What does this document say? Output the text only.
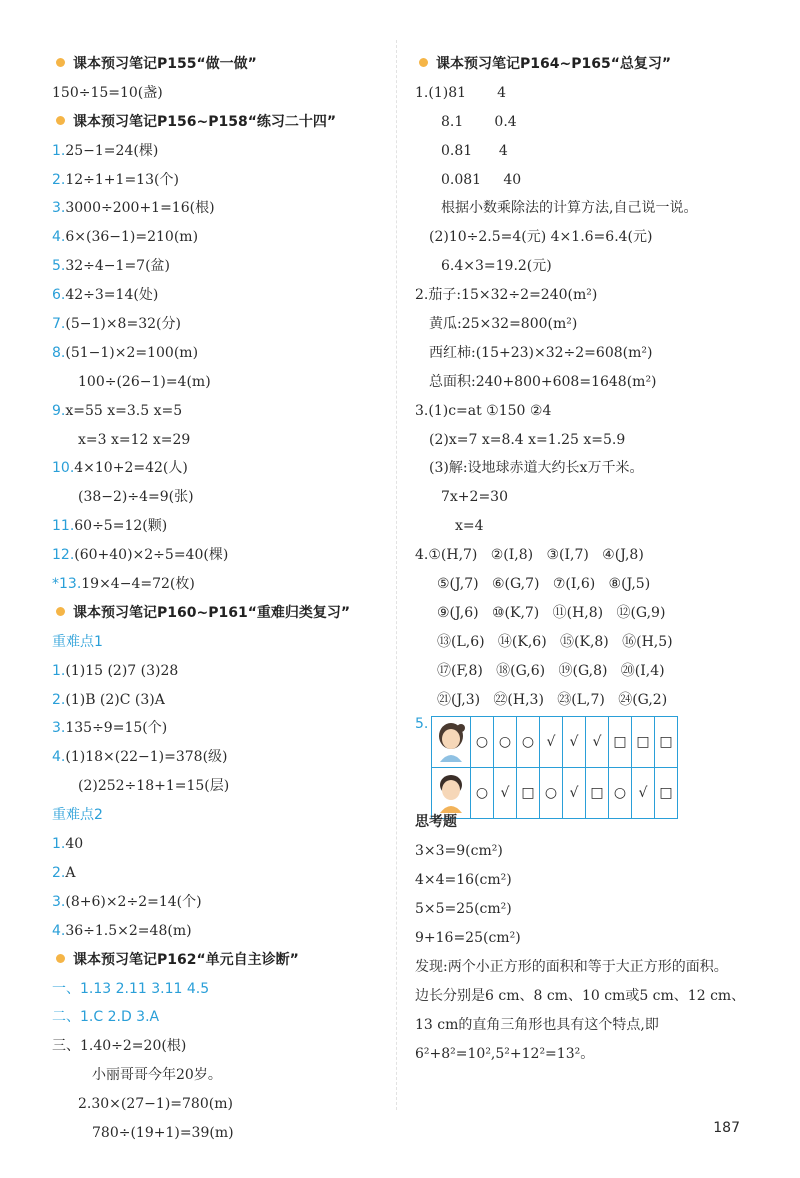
课本预习笔记P155“做一做”
150÷15=10(盏)
课本预习笔记P156~P158“练习二十四”
1.25−1=24(棵)
2.12÷1+1=13(个)
3.3000÷200+1=16(根)
4.6×(36−1)=210(m)
5.32÷4−1=7(盆)
6.42÷3=14(处)
7.(5−1)×8=32(分)
8.(51−1)×2=100(m)
100÷(26−1)=4(m)
9.x=55 x=3.5 x=5
x=3 x=12 x=29
10.4×10+2=42(人)
(38−2)÷4=9(张)
11.60÷5=12(颗)
12.(60+40)×2÷5=40(棵)
*13.19×4−4=72(枚)
课本预习笔记P160~P161“重难归类复习”
重难点1
1.(1)15 (2)7 (3)28
2.(1)B (2)C (3)A
3.135÷9=15(个)
4.(1)18×(22−1)=378(级)
(2)252÷18+1=15(层)
重难点2
1.40
2.A
3.(8+6)×2÷2=14(个)
4.36÷1.5×2=48(m)
课本预习笔记P162“单元自主诊断”
一、1.13 2.11 3.11 4.5
二、1.C 2.D 3.A
三、1.40÷2=20(根)
小丽哥哥今年20岁。
2.30×(27−1)=780(m)
780÷(19+1)=39(m)
课本预习笔记P164~P165“总复习”
1.(1)81       4
8.1       0.4
0.81      4
0.081     40
根据小数乘除法的计算方法,自己说一说。
(2)10÷2.5=4(元) 4×1.6=6.4(元)
6.4×3=19.2(元)
2.茄子:15×32÷2=240(m²)
黄瓜:25×32=800(m²)
西红柿:(15+23)×32÷2=608(m²)
总面积:240+800+608=1648(m²)
3.(1)c=at ①150 ②4
(2)x=7 x=8.4 x=1.25 x=5.9
(3)解:设地球赤道大约长x万千米。
7x+2=30
x=4
4.①(H,7)   ②(I,8)   ③(I,7)   ④(J,8)
⑤(J,7)   ⑥(G,7)   ⑦(I,6)   ⑧(J,5)
⑨(J,6)   ⑩(K,7)   ⑪(H,8)   ⑫(G,9)
⑬(L,6)   ⑭(K,6)   ⑮(K,8)   ⑯(H,5)
⑰(F,8)   ⑱(G,6)   ⑲(G,8)   ⑳(I,4)
㉑(J,3)   ㉒(H,3)   ㉓(L,7)   ㉔(G,2)
5.
	○	○	○	√	√	√	□	□	□
	○	√	□	○	√	□	○	√	□
思考题
3×3=9(cm²)
4×4=16(cm²)
5×5=25(cm²)
9+16=25(cm²)
发现:两个小正方形的面积和等于大正方形的面积。
边长分别是6 cm、8 cm、10 cm或5 cm、12 cm、13 cm的直角三角形也具有这个特点,即6²+8²=10²,5²+12²=13²。
187
